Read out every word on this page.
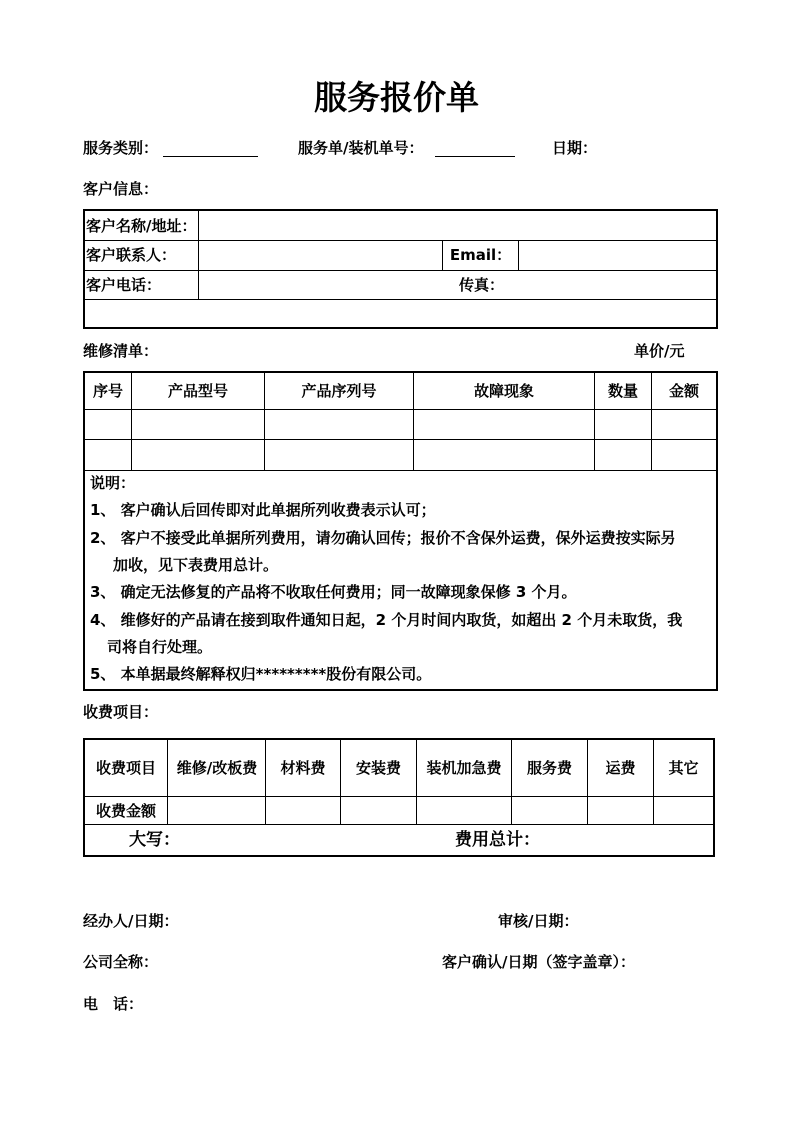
服务报价单
服务类别：	服务单/装机单号：	日期：
客户信息：
客户名称/地址：
客户联系人：	Email：
客户电话：	传真：
维修清单：	单价/元
序号	产品型号	产品序列号	故障现象	数量	金额
说明：
1、 客户确认后回传即对此单据所列收费表示认可；
2、 客户不接受此单据所列费用，请勿确认回传；报价不含保外运费，保外运费按实际另
加收，见下表费用总计。
3、 确定无法修复的产品将不收取任何费用；同一故障现象保修 3 个月。
4、 维修好的产品请在接到取件通知日起，2 个月时间内取货，如超出 2 个月未取货，我
司将自行处理。
5、 本单据最终解释权归*********股份有限公司。
收费项目：
收费项目	维修/改板费	材料费	安装费	装机加急费	服务费	运费	其它
收费金额
大写：	费用总计：
经办人/日期：	审核/日期：
公司全称：	客户确认/日期（签字盖章）：
电　话：
